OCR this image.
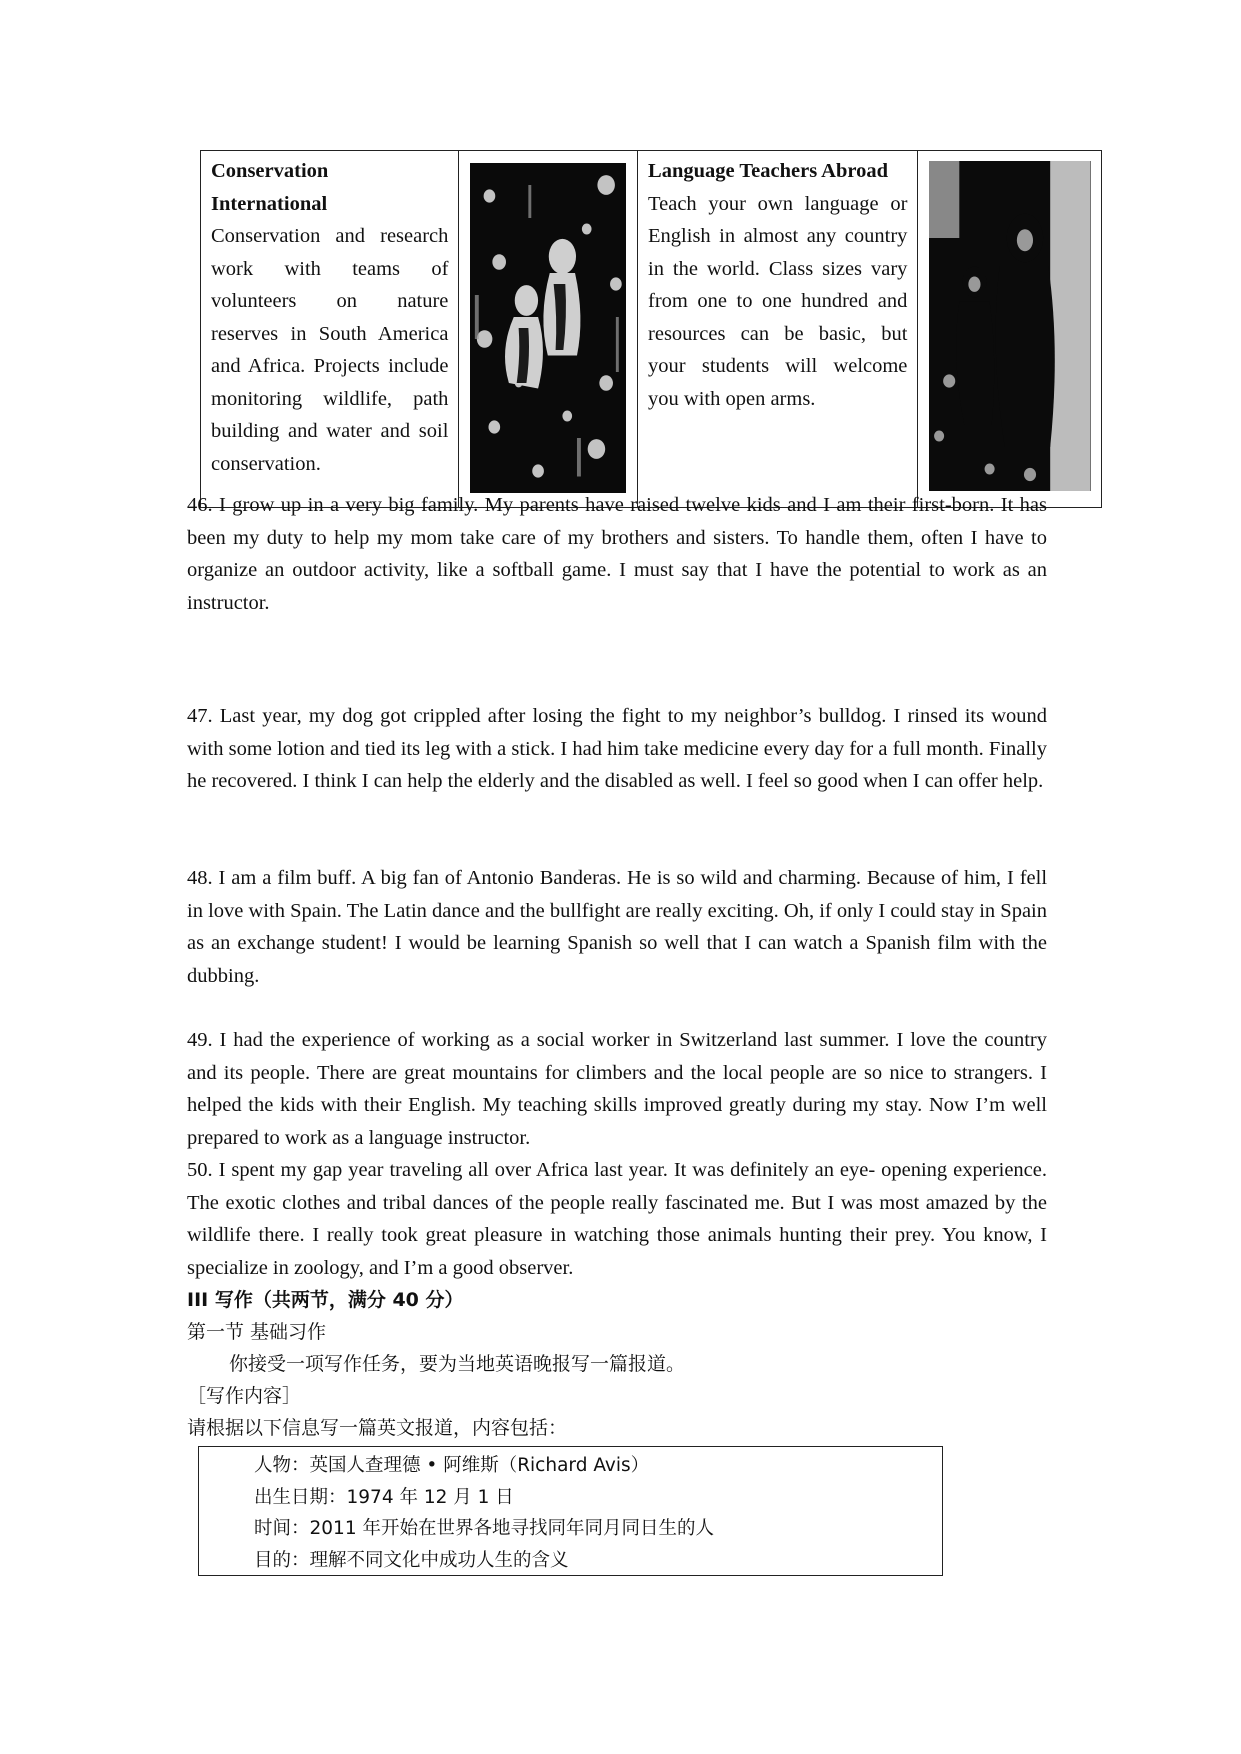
Conservation International
Conservation and research work with teams of volunteers on nature reserves in South America and Africa. Projects include monitoring wildlife, path building and water and soil conservation.
Language Teachers Abroad
Teach your own language or English in almost any country in the world. Class sizes vary from one to one hundred and resources can be basic, but your students will welcome you with open arms.
46. I grow up in a very big family. My parents have raised twelve kids and I am their first-born. It has been my duty to help my mom take care of my brothers and sisters. To handle them, often I have to organize an outdoor activity, like a softball game. I must say that I have the potential to work as an instructor.
47. Last year, my dog got crippled after losing the fight to my neighbor’s bulldog. I rinsed its wound with some lotion and tied its leg with a stick. I had him take medicine every day for a full month. Finally he recovered. I think I can help the elderly and the disabled as well. I feel so good when I can offer help.
48. I am a film buff. A big fan of Antonio Banderas. He is so wild and charming. Because of him, I fell in love with Spain. The Latin dance and the bullfight are really exciting. Oh, if only I could stay in Spain as an exchange student! I would be learning Spanish so well that I can watch a Spanish film with the dubbing.
49. I had the experience of working as a social worker in Switzerland last summer. I love the country and its people. There are great mountains for climbers and the local people are so nice to strangers. I helped the kids with their English. My teaching skills improved greatly during my stay. Now I’m well prepared to work as a language instructor.
50. I spent my gap year traveling all over Africa last year. It was definitely an eye- opening experience. The exotic clothes and tribal dances of the people really fascinated me. But I was most amazed by the wildlife there. I really took great pleasure in watching those animals hunting their prey. You know, I specialize in zoology, and I’m a good observer.
III 写作（共两节，满分 40 分）
第一节 基础习作
你接受一项写作任务，要为当地英语晚报写一篇报道。
［写作内容］
请根据以下信息写一篇英文报道，内容包括：
人物：英国人查理德 • 阿维斯（Richard Avis）
出生日期：1974 年 12 月 1 日
时间：2011 年开始在世界各地寻找同年同月同日生的人
目的：理解不同文化中成功人生的含义
